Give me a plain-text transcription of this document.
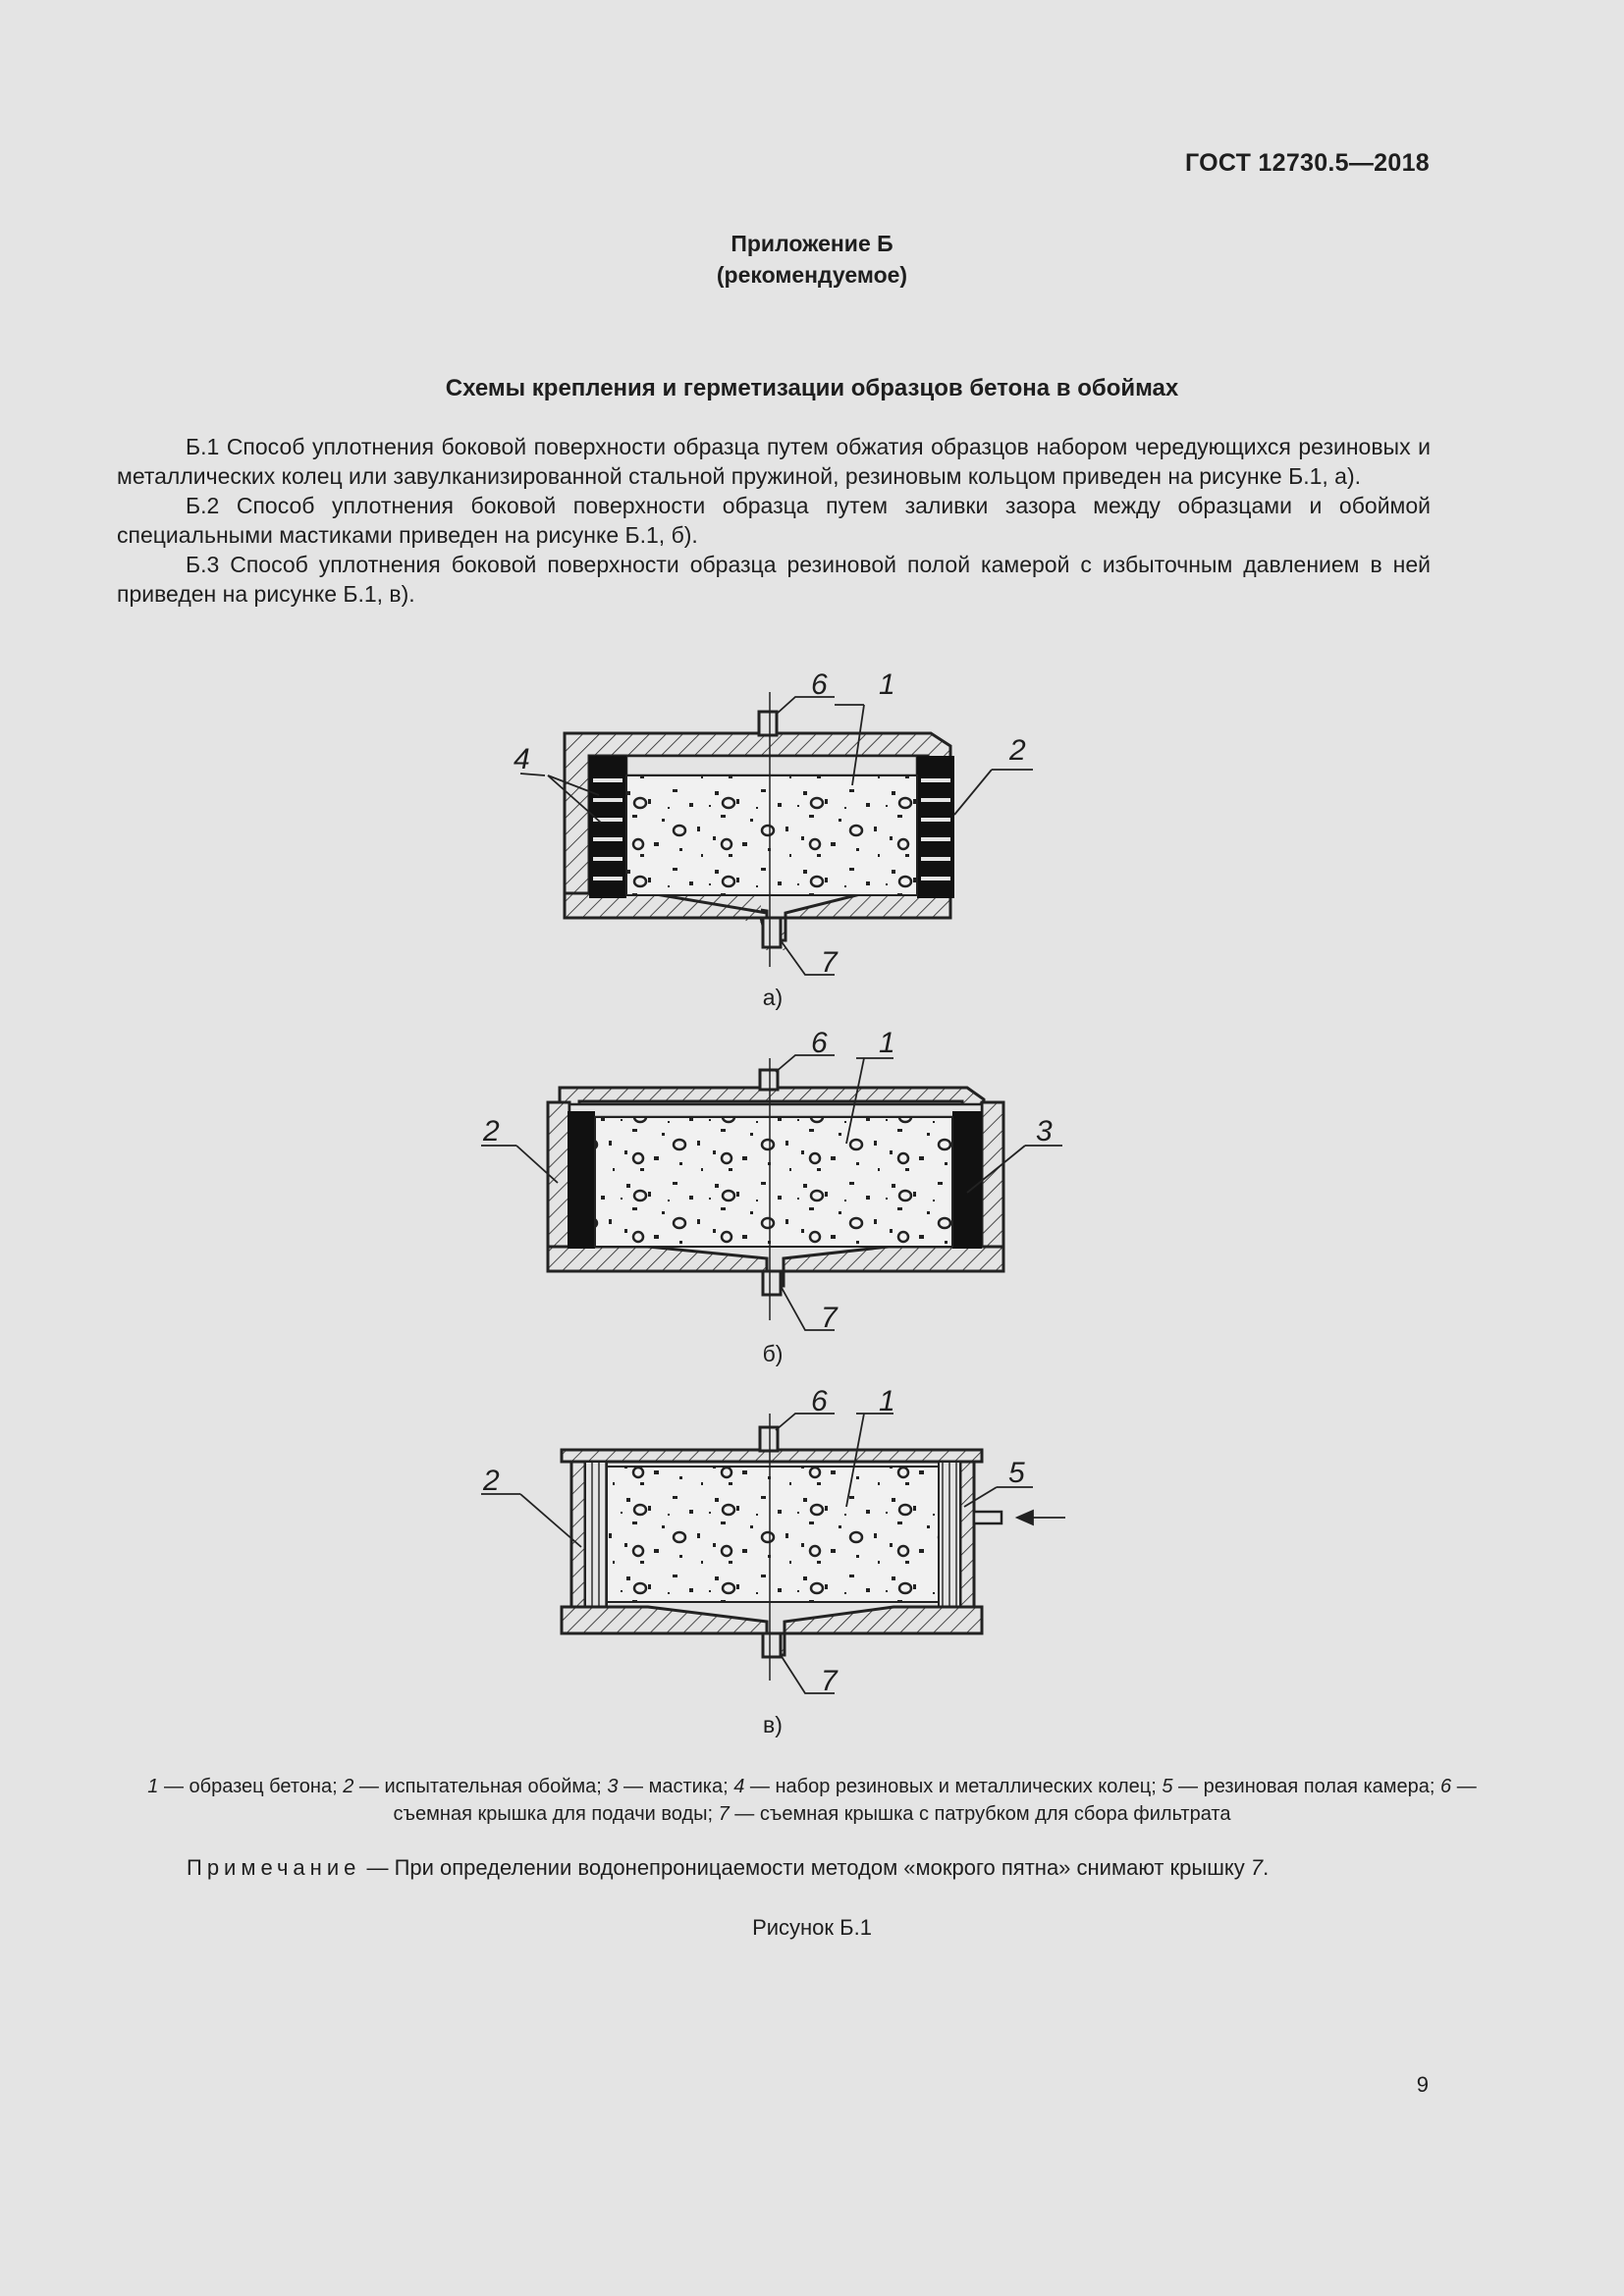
ГОСТ 12730.5—2018
Приложение Б
(рекомендуемое)
Схемы крепления и герметизации образцов бетона в обоймах

Б.1 Способ уплотнения боковой поверхности образца путем обжатия образцов набором чередующихся резиновых и металлических колец или завулканизированной стальной пружиной, резиновым кольцом приведен на рисунке Б.1, а).

Б.2 Способ уплотнения боковой поверхности образца путем заливки зазора между образцами и обоймой специальными мастиками приведен на рисунке Б.1, б).

Б.3 Способ уплотнения боковой поверхности образца резиновой полой камерой с избыточным давлением в ней приведен на рисунке Б.1, в).

6 1
4	2
7
6 1
2	3
7
6 1
2	5
7
а)
б)
в)
1 — образец бетона; 2 — испытательная обойма; 3 — мастика; 4 — набор резиновых и металлических колец; 5 — резиновая полая камера; 6 — съемная крышка для подачи воды; 7 — съемная крышка с патрубком для сбора фильтрата
Примечание — При определении водонепроницаемости методом «мокрого пятна» снимают крышку 7.
Рисунок Б.1
9
